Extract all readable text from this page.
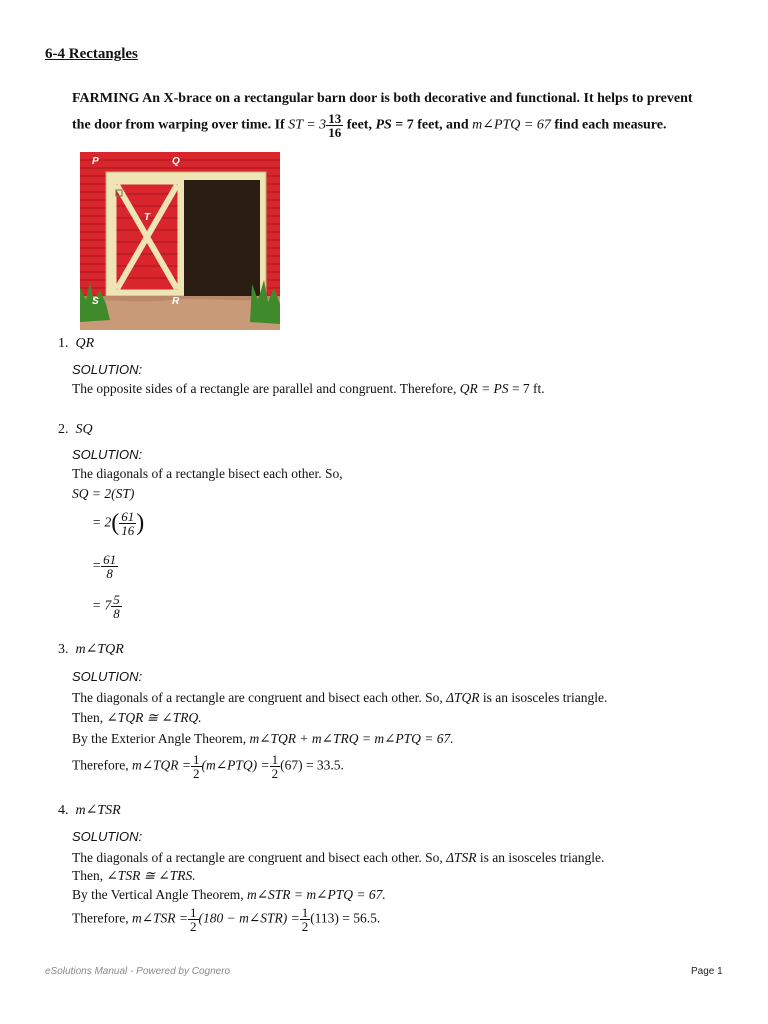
6-4 Rectangles
FARMING An X-brace on a rectangular barn door is both decorative and functional. It helps to prevent
the door from warping over time. If ST = $3 \frac{13}{16}$ feet, PS = 7 feet, and m∠PTQ = 67 find each measure.
P	Q
T
S	R
1. QR
SOLUTION:
The opposite sides of a rectangle are parallel and congruent. Therefore, QR = PS = 7 ft.
2. SQ
SOLUTION:
The diagonals of a rectangle bisect each other. So,
SQ = 2(ST)
= $2( \frac{61}{16}$ )
= $\frac{61}{8}$
= $7 \frac{5}{8}$
3. m∠TQR
SOLUTION:
The diagonals of a rectangle are congruent and bisect each other. So, ΔTQR is an isosceles triangle.
Then, ∠TQR ≅ ∠TRQ.
By the Exterior Angle Theorem, m∠TQR + m∠TRQ = m∠PTQ = 67.
Therefore, m∠TQR = $\frac{1}{2}$ (m∠PTQ) = $\frac{1}{2} (67) = 33.5$.
4. m∠TSR
SOLUTION:
The diagonals of a rectangle are congruent and bisect each other. So, ΔTSR is an isosceles triangle.
Then, ∠TSR ≅ ∠TRS.
By the Vertical Angle Theorem, m∠STR = m∠PTQ = 67.
Therefore, m∠TSR = $\frac{1}{2} (180$ − m∠STR) = $\frac{1}{2} (113) = 56.5$.
eSolutions Manual - Powered by Cognero	Page 1
